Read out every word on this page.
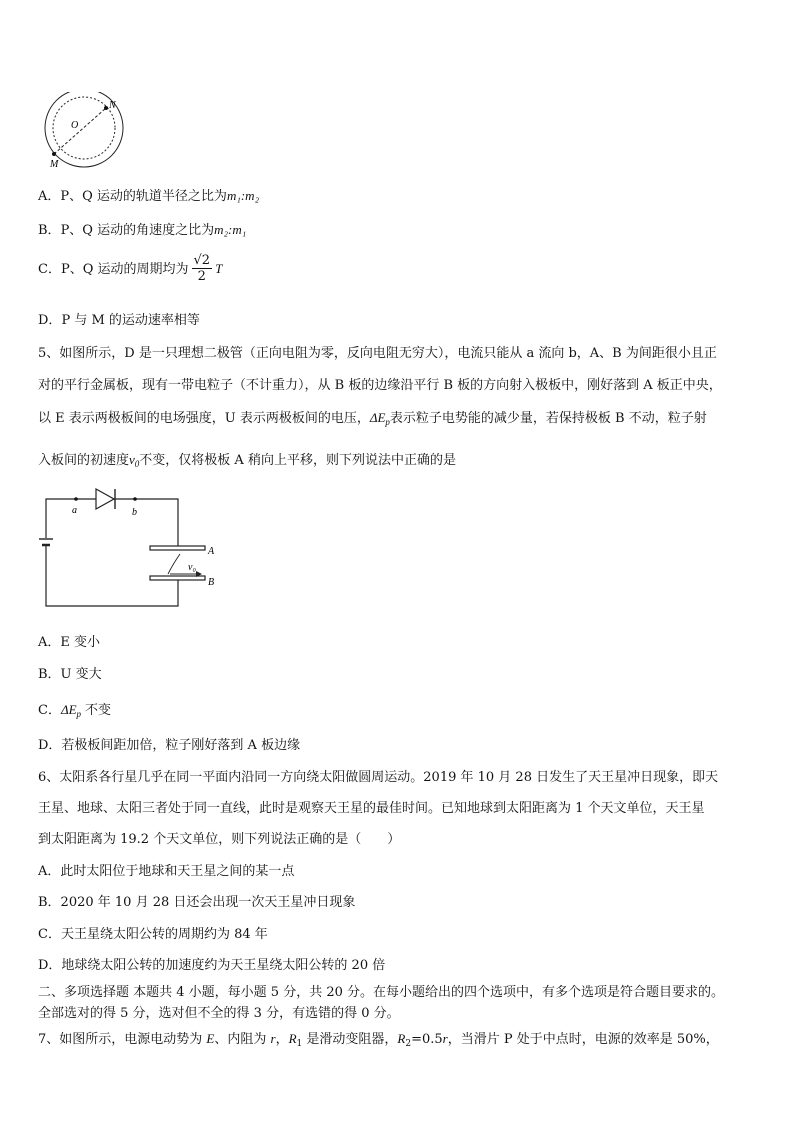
O
N
M
A．P、Q 运动的轨道半径之比为m₁:m₂
B．P、Q 运动的角速度之比为m₂:m₁
C．P、Q 运动的周期均为 $\frac{√2}{2}$ T
D．P 与 M 的运动速率相等
5、如图所示，D 是一只理想二极管（正向电阻为零，反向电阻无穷大），电流只能从 a 流向 b，A、B 为间距很小且正
对的平行金属板，现有一带电粒子（不计重力），从 B 板的边缘沿平行 B 板的方向射入极板中，刚好落到 A 板正中央，
以 E 表示两极板间的电场强度，U 表示两极板间的电压，$\Delta E_p$表示粒子电势能的减少量，若保持极板 B 不动，粒子射
入板间的初速度$v_0$不变，仅将极板 A 稍向上平移，则下列说法中正确的是
a	b
A
B
v₀
A．E 变小
B．U 变大
C．$\Delta E_p$ 不变
D．若极板间距加倍，粒子刚好落到 A 板边缘
6、太阳系各行星几乎在同一平面内沿同一方向绕太阳做圆周运动。2019 年 10 月 28 日发生了天王星冲日现象，即天
王星、地球、太阳三者处于同一直线，此时是观察天王星的最佳时间。已知地球到太阳距离为 1 个天文单位，天王星
到太阳距离为 19.2 个天文单位，则下列说法正确的是（　　）
A．此时太阳位于地球和天王星之间的某一点
B．2020 年 10 月 28 日还会出现一次天王星冲日现象
C．天王星绕太阳公转的周期约为 84 年
D．地球绕太阳公转的加速度约为天王星绕太阳公转的 20 倍
二、多项选择题 本题共 4 小题，每小题 5 分，共 20 分。在每小题给出的四个选项中，有多个选项是符合题目要求的。
全部选对的得 5 分，选对但不全的得 3 分，有选错的得 0 分。
7、如图所示，电源电动势为 E、内阻为 r，$R_1$ 是滑动变阻器，$R_2=0.5r$，当滑片 P 处于中点时，电源的效率是 50%，
